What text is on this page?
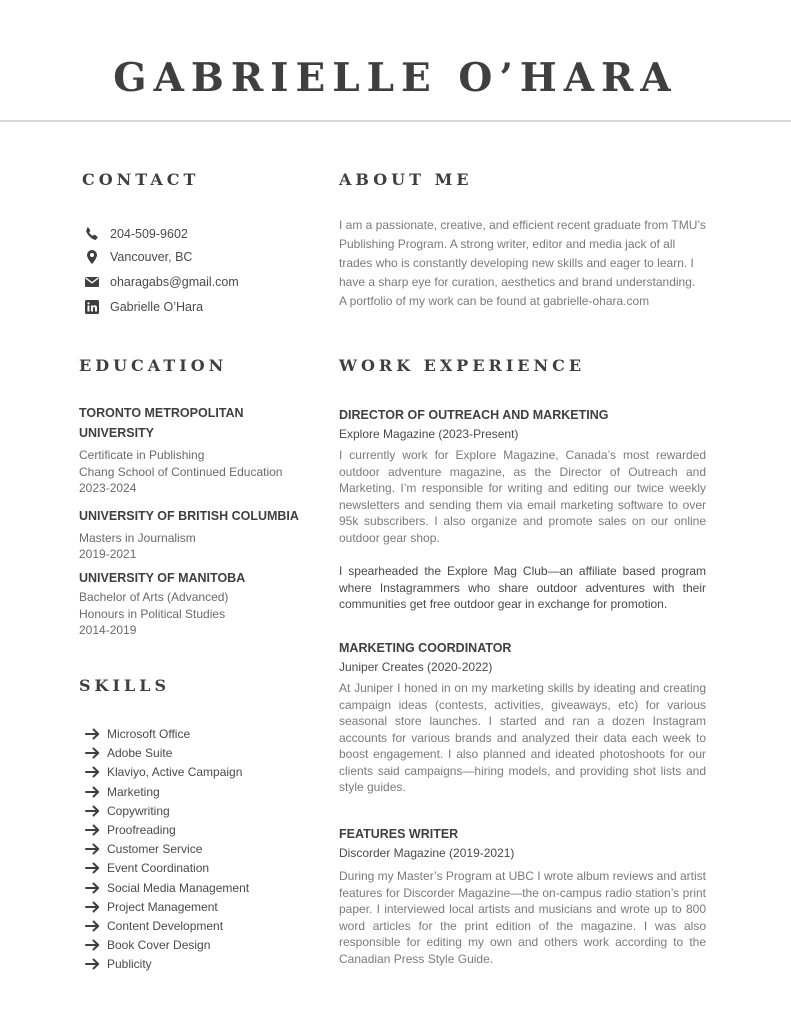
GABRIELLE O’HARA
CONTACT
204-509-9602
Vancouver, BC
oharagabs@gmail.com
Gabrielle O’Hara
ABOUT ME
I am a passionate, creative, and efficient recent graduate from TMU’s
Publishing Program. A strong writer, editor and media jack of all
trades who is constantly developing new skills and eager to learn. I
have a sharp eye for curation, aesthetics and brand understanding.
A portfolio of my work can be found at gabrielle-ohara.com
EDUCATION
TORONTO METROPOLITAN
UNIVERSITY
Certificate in Publishing
Chang School of Continued Education
2023-2024
UNIVERSITY OF BRITISH COLUMBIA
Masters in Journalism
2019-2021
UNIVERSITY OF MANITOBA
Bachelor of Arts (Advanced)
Honours in Political Studies
2014-2019
WORK EXPERIENCE
DIRECTOR OF OUTREACH AND MARKETING
Explore Magazine (2023-Present)
I currently work for Explore Magazine, Canada’s most rewarded outdoor adventure magazine, as the Director of Outreach and Marketing. I’m responsible for writing and editing our twice weekly newsletters and sending them via email marketing software to over 95k subscribers. I also organize and promote sales on our online outdoor gear shop.
I spearheaded the Explore Mag Club—an affiliate based program where Instagrammers who share outdoor adventures with their communities get free outdoor gear in exchange for promotion.
MARKETING COORDINATOR
Juniper Creates (2020-2022)
At Juniper I honed in on my marketing skills by ideating and creating campaign ideas (contests, activities, giveaways, etc) for various seasonal store launches. I started and ran a dozen Instagram accounts for various brands and analyzed their data each week to boost engagement. I also planned and ideated photoshoots for our clients said campaigns—hiring models, and providing shot lists and style guides.
FEATURES WRITER
Discorder Magazine (2019-2021)
During my Master’s Program at UBC I wrote album reviews and artist features for Discorder Magazine—the on-campus radio station’s print paper. I interviewed local artists and musicians and wrote up to 800 word articles for the print edition of the magazine. I was also responsible for editing my own and others work according to the Canadian Press Style Guide.
SKILLS
Microsoft Office
Adobe Suite
Klaviyo, Active Campaign
Marketing
Copywriting
Proofreading
Customer Service
Event Coordination
Social Media Management
Project Management
Content Development
Book Cover Design
Publicity
